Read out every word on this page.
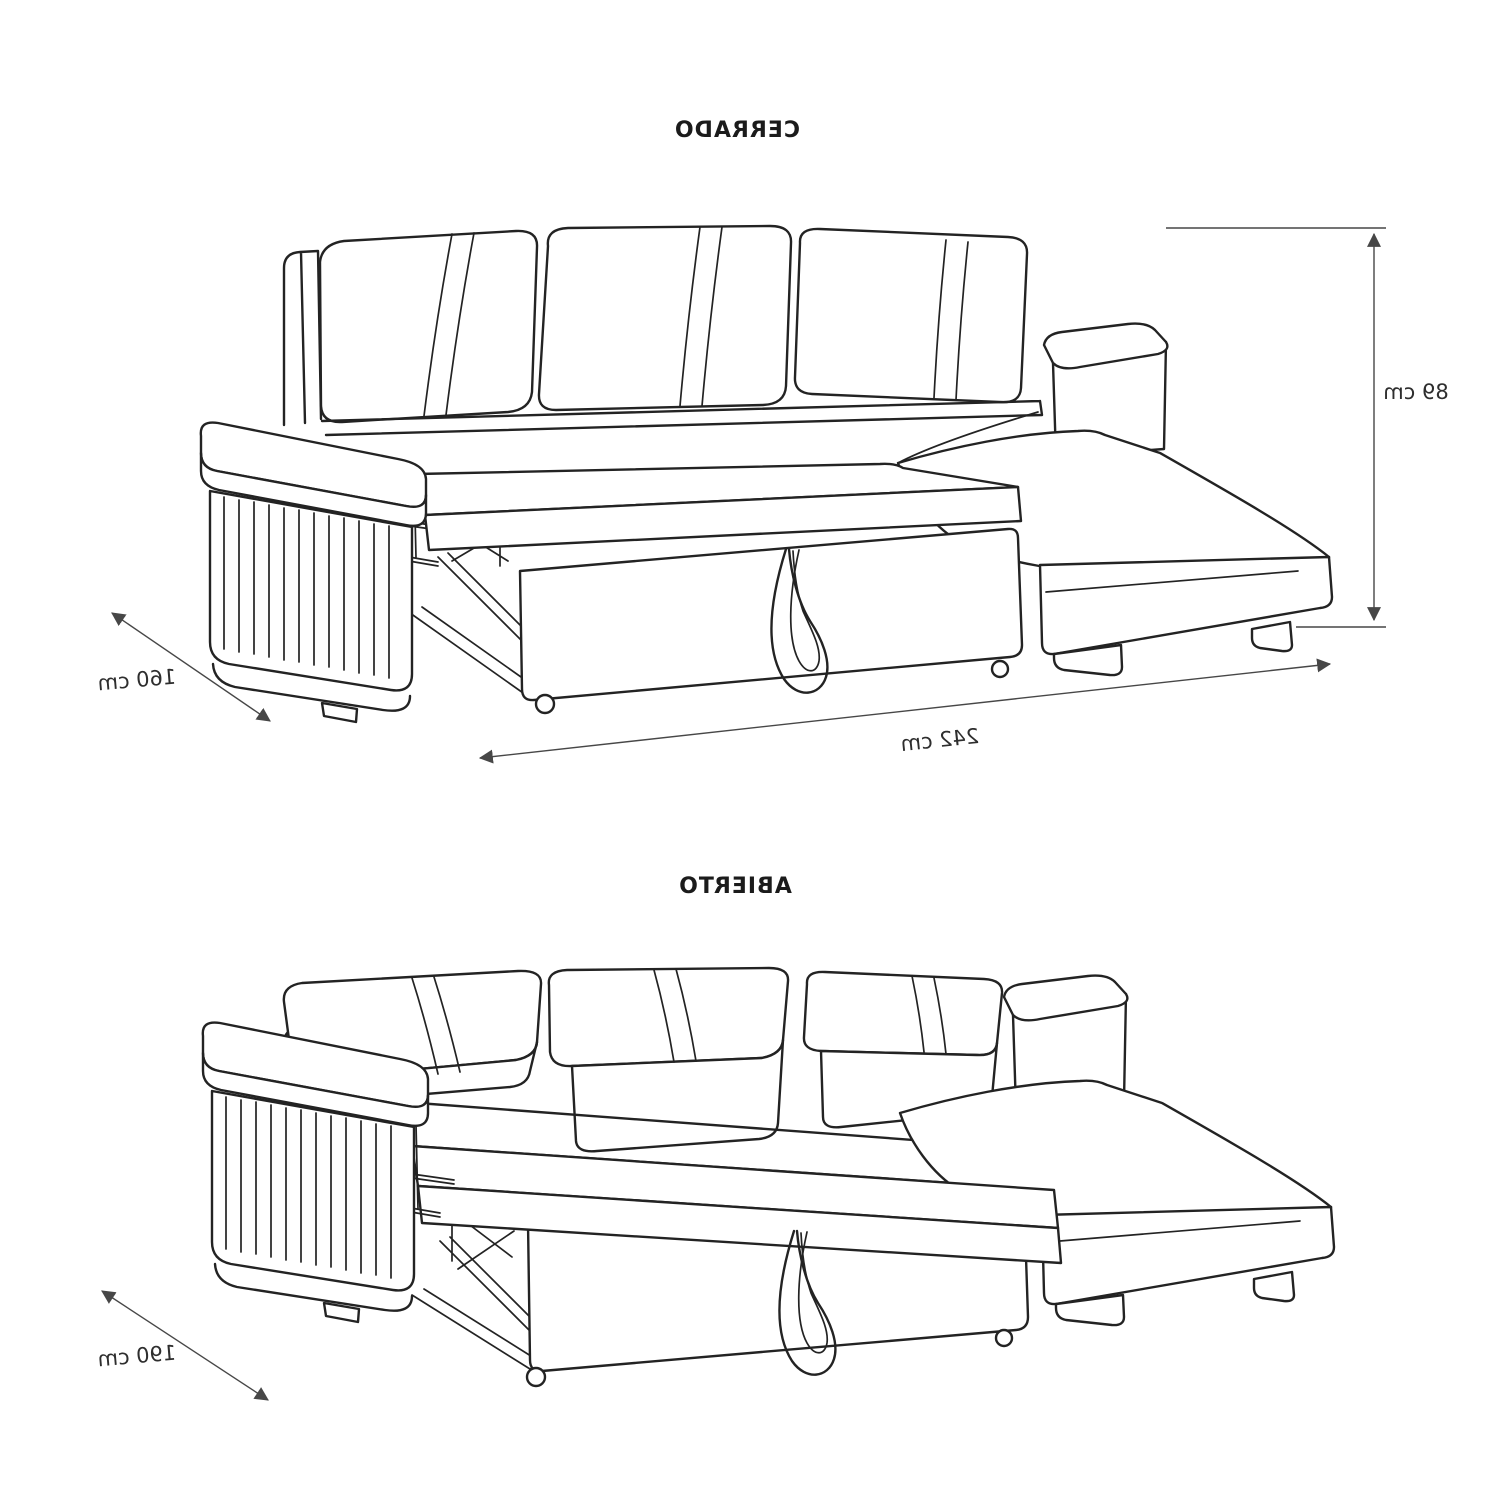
89 cm
242 cm
160 cm
190 cm
CERRADO
ABIERTO
